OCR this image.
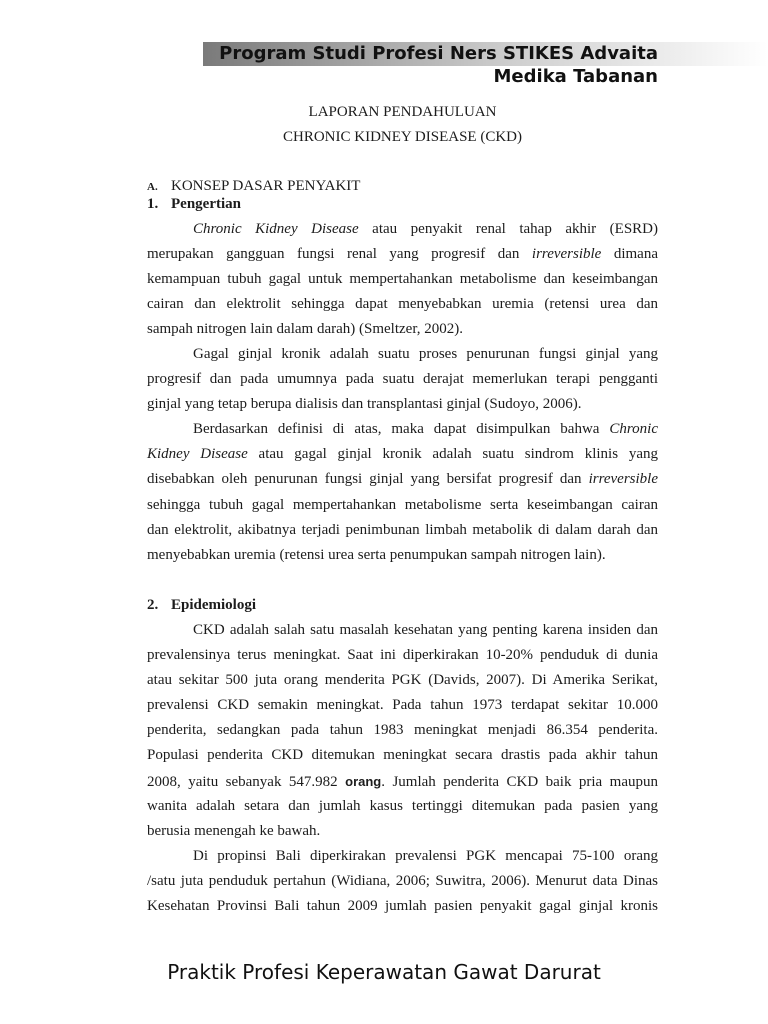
Program Studi Profesi Ners STIKES Advaita
Medika Tabanan
LAPORAN PENDAHULUAN
CHRONIC KIDNEY DISEASE (CKD)
A. KONSEP DASAR PENYAKIT
1. Pengertian
Chronic Kidney Disease atau penyakit renal tahap akhir (ESRD)
merupakan gangguan fungsi renal yang progresif dan irreversible dimana
kemampuan tubuh gagal untuk mempertahankan metabolisme dan keseimbangan
cairan dan elektrolit sehingga dapat menyebabkan uremia (retensi urea dan
sampah nitrogen lain dalam darah) (Smeltzer, 2002).
Gagal ginjal kronik adalah suatu proses penurunan fungsi ginjal yang
progresif dan pada umumnya pada suatu derajat memerlukan terapi pengganti
ginjal yang tetap berupa dialisis dan transplantasi ginjal (Sudoyo, 2006).
Berdasarkan definisi di atas, maka dapat disimpulkan bahwa Chronic
Kidney Disease atau gagal ginjal kronik adalah suatu sindrom klinis yang
disebabkan oleh penurunan fungsi ginjal yang bersifat progresif dan irreversible
sehingga tubuh gagal mempertahankan metabolisme serta keseimbangan cairan
dan elektrolit, akibatnya terjadi penimbunan limbah metabolik di dalam darah dan
menyebabkan uremia (retensi urea serta penumpukan sampah nitrogen lain).
2. Epidemiologi
CKD adalah salah satu masalah kesehatan yang penting karena insiden dan
prevalensinya terus meningkat. Saat ini diperkirakan 10-20% penduduk di dunia
atau sekitar 500 juta orang menderita PGK (Davids, 2007). Di Amerika Serikat,
prevalensi CKD semakin meningkat. Pada tahun 1973 terdapat sekitar 10.000
penderita, sedangkan pada tahun 1983 meningkat menjadi 86.354 penderita.
Populasi penderita CKD ditemukan meningkat secara drastis pada akhir tahun
2008, yaitu sebanyak 547.982 orang. Jumlah penderita CKD baik pria maupun
wanita adalah setara dan jumlah kasus tertinggi ditemukan pada pasien yang
berusia menengah ke bawah.
Di propinsi Bali diperkirakan prevalensi PGK mencapai 75-100 orang
/satu juta penduduk pertahun (Widiana, 2006; Suwitra, 2006). Menurut data Dinas
Kesehatan Provinsi Bali tahun 2009 jumlah pasien penyakit gagal ginjal kronis
Praktik Profesi Keperawatan Gawat Darurat
